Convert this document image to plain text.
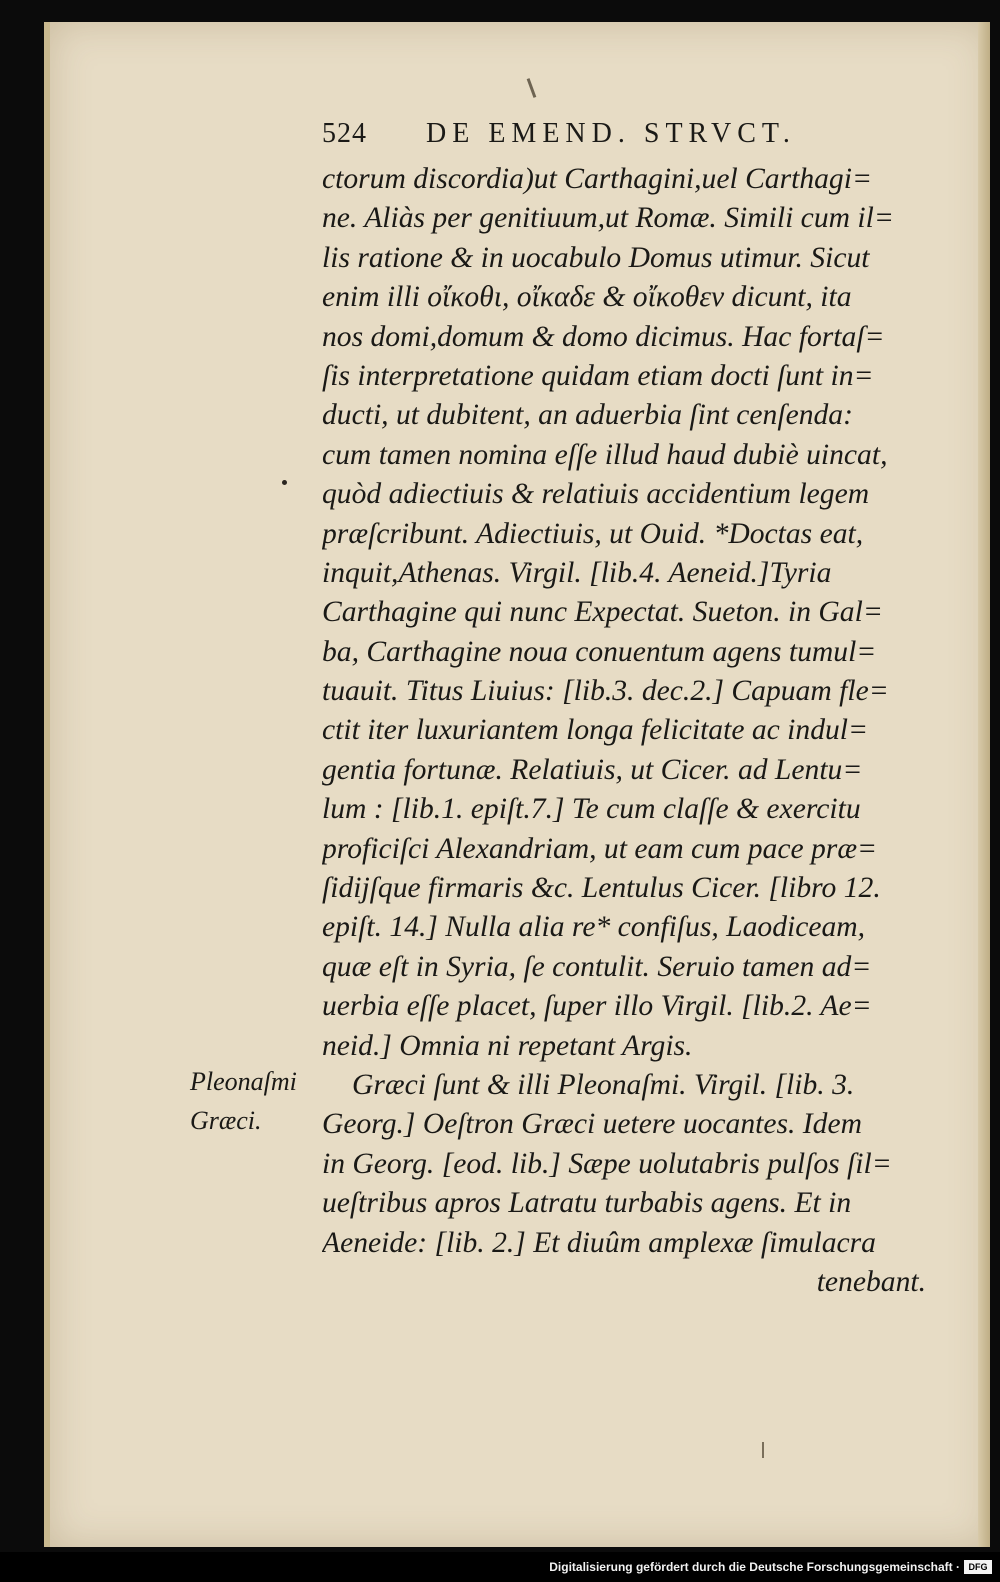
524 DE EMEND. STRVCT.
ctorum discordia)ut Carthagini,uel Carthagi=
ne. Aliàs per genitiuum,ut Romæ. Simili cum il=
lis ratione & in uocabulo Domus utimur. Sicut
enim illi οἴκοθι, οἴκαδε & οἴκοθεν dicunt, ita
nos domi,domum & domo dicimus. Hac fortaſ=
ſis interpretatione quidam etiam docti ſunt in=
ducti, ut dubitent, an aduerbia ſint cenſenda:
cum tamen nomina eſſe illud haud dubiè uincat,
quòd adiectiuis & relatiuis accidentium legem
præſcribunt. Adiectiuis, ut Ouid. *Doctas eat,
inquit,Athenas. Virgil. [lib.4. Aeneid.]Tyria
Carthagine qui nunc Expectat. Sueton. in Gal=
ba, Carthagine noua conuentum agens tumul=
tuauit. Titus Liuius: [lib.3. dec.2.] Capuam fle=
ctit iter luxuriantem longa felicitate ac indul=
gentia fortunæ. Relatiuis, ut Cicer. ad Lentu=
lum : [lib.1. epiſt.7.] Te cum claſſe & exercitu
proficiſci Alexandriam, ut eam cum pace præ=
ſidijſque firmaris &c. Lentulus Cicer. [libro 12.
epiſt. 14.] Nulla alia re* confiſus, Laodiceam,
quæ eſt in Syria, ſe contulit. Seruio tamen ad=
uerbia eſſe placet, ſuper illo Virgil. [lib.2. Ae=
neid.] Omnia ni repetant Argis.
Græci ſunt & illi Pleonaſmi. Virgil. [lib. 3.
Georg.] Oeſtron Græci uetere uocantes. Idem
in Georg. [eod. lib.] Sæpe uolutabris pulſos ſil=
ueſtribus apros Latratu turbabis agens. Et in
Aeneide: [lib. 2.] Et diuûm amplexæ ſimulacra
tenebant.
Pleonaſmi
Græci.
Digitalisierung gefördert durch die Deutsche Forschungsgemeinschaft · DFG
